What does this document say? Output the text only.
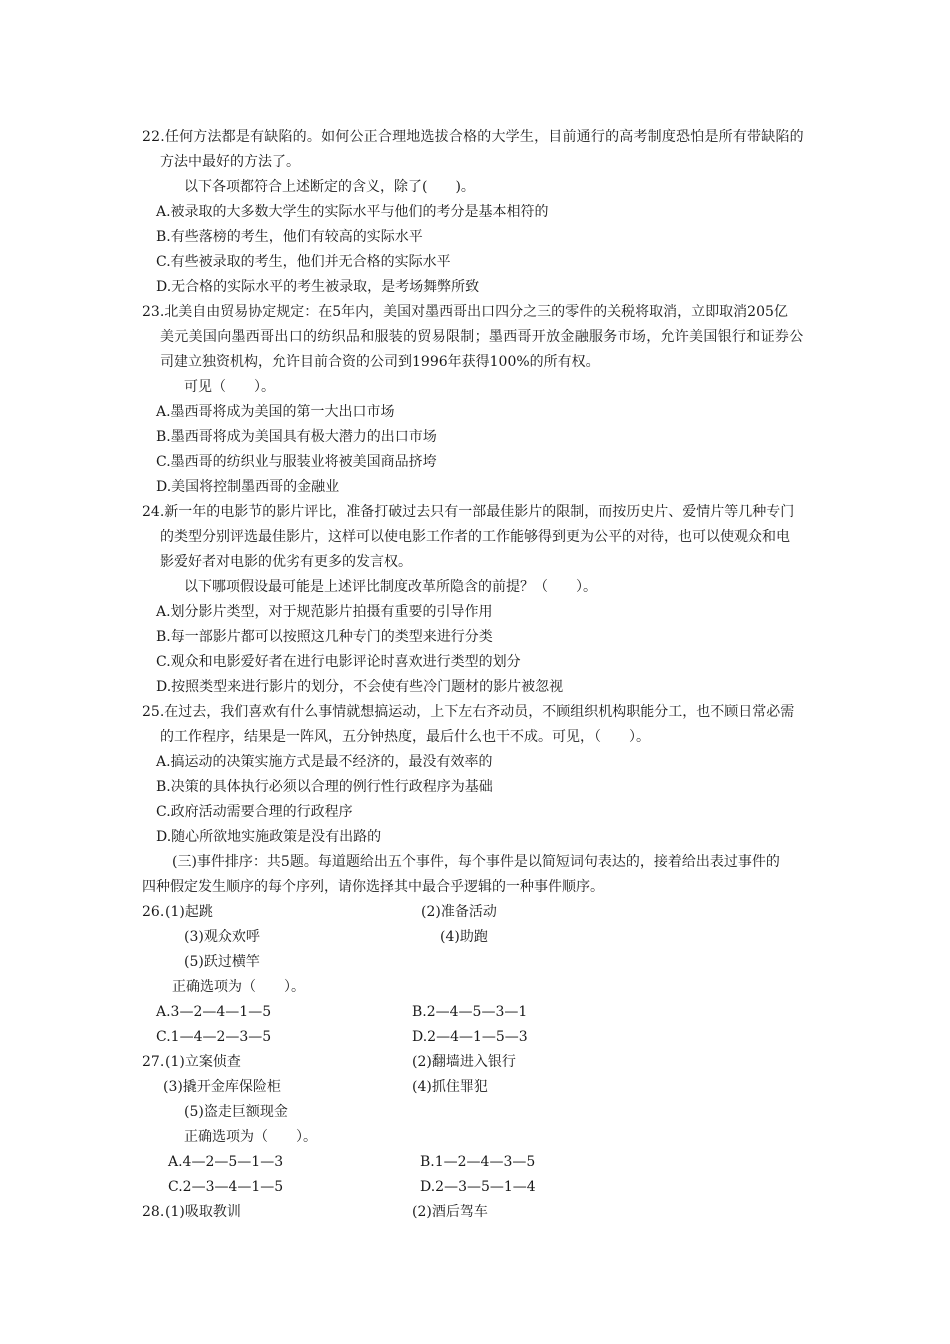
22.任何方法都是有缺陷的。如何公正合理地选拔合格的大学生，目前通行的高考制度恐怕是所有带缺陷的
方法中最好的方法了。
以下各项都符合上述断定的含义，除了(　　)。
A.被录取的大多数大学生的实际水平与他们的考分是基本相符的
B.有些落榜的考生，他们有较高的实际水平
C.有些被录取的考生，他们并无合格的实际水平
D.无合格的实际水平的考生被录取，是考场舞弊所致
23.北美自由贸易协定规定：在5年内，美国对墨西哥出口四分之三的零件的关税将取消，立即取消205亿
美元美国向墨西哥出口的纺织品和服装的贸易限制；墨西哥开放金融服务市场，允许美国银行和证券公
司建立独资机构，允许目前合资的公司到1996年获得100%的所有权。
可见（　　）。
A.墨西哥将成为美国的第一大出口市场
B.墨西哥将成为美国具有极大潜力的出口市场
C.墨西哥的纺织业与服装业将被美国商品挤垮
D.美国将控制墨西哥的金融业
24.新一年的电影节的影片评比，准备打破过去只有一部最佳影片的限制，而按历史片、爱情片等几种专门
的类型分别评选最佳影片，这样可以使电影工作者的工作能够得到更为公平的对待，也可以使观众和电
影爱好者对电影的优劣有更多的发言权。
以下哪项假设最可能是上述评比制度改革所隐含的前提？（　　）。
A.划分影片类型，对于规范影片拍摄有重要的引导作用
B.每一部影片都可以按照这几种专门的类型来进行分类
C.观众和电影爱好者在进行电影评论时喜欢进行类型的划分
D.按照类型来进行影片的划分，不会使有些冷门题材的影片被忽视
25.在过去，我们喜欢有什么事情就想搞运动，上下左右齐动员，不顾组织机构职能分工，也不顾日常必需
的工作程序，结果是一阵风，五分钟热度，最后什么也干不成。可见，（　　）。
A.搞运动的决策实施方式是最不经济的，最没有效率的
B.决策的具体执行必须以合理的例行性行政程序为基础
C.政府活动需要合理的行政程序
D.随心所欲地实施政策是没有出路的
(三)事件排序：共5题。每道题给出五个事件，每个事件是以简短词句表达的，接着给出表过事件的
四种假定发生顺序的每个序列，请你选择其中最合乎逻辑的一种事件顺序。
26. (1)起跳	(2)准备活动
(3)观众欢呼	(4)助跑
(5)跃过横竿
正确选项为（　　）。
A.3—2—4—1—5	B.2—4—5—3—1
C.1—4—2—3—5	D.2—4—1—5—3
27. (1)立案侦查	(2)翻墙进入银行
(3)撬开金库保险柜	(4)抓住罪犯
(5)盗走巨额现金
正确选项为（　　）。
A.4—2—5—1—3	B.1—2—4—3—5
C.2—3—4—1—5	D.2—3—5—1—4
28. (1)吸取教训	(2)酒后驾车
